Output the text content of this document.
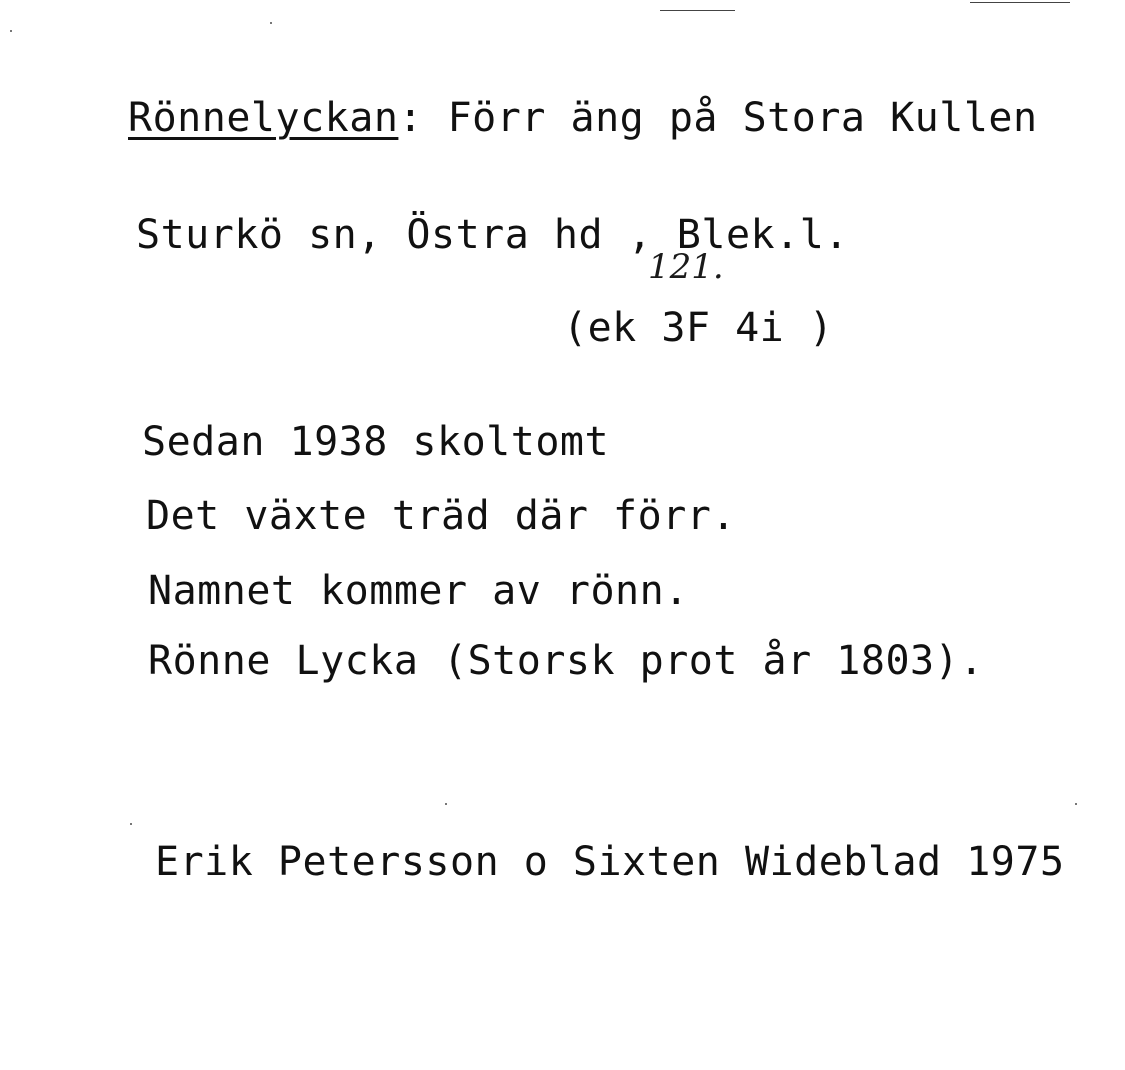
Rönnelyckan: Förr äng på Stora Kullen
Sturkö sn, Östra hd , Blek.l.
121.
(ek 3F 4i )
Sedan 1938 skoltomt
Det växte träd där förr.
Namnet kommer av rönn.
Rönne Lycka (Storsk prot år 1803).
Erik Petersson o Sixten Wideblad 1975
